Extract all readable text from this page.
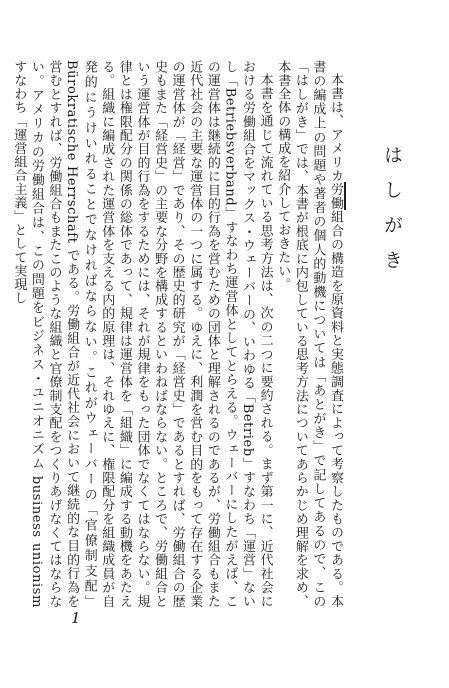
はしがき

本書は、アメリカ労働組合の構造を原資料と実態調査によって考察したものである。本書の編成上の問題や著者の個人的動機については「あとがき」で記してあるので、この「はしがき」では、本書が根底に内包している思考方法についてあらかじめ理解を求め、本書全体の構成を紹介しておきたい。

本書を通じて流れている思考方法は、次の二つに要約される。まず第一に、近代社会における労働組合をマックス・ウェーバーの、いわゆる「Betrieb」すなわち「運営」ないし「Betriebsverband」すなわち運営体としてとらえる。ウェーバーにしたがえば、この運営体は継続的に目的行為を営むための団体と理解されるのであるが、労働組合もまた近代社会の主要な運営体の一つに属する。ゆえに、利潤を営む目的をもって存在する企業の運営体が「経営」であり、その歴史的研究が「経営史」であるとすれば、労働組合の歴史もまた「経営史」の主要な分野を構成するといわねばならない。ところで、労働組合という運営体が目的行為をするためには、それが規律をもった団体でなくてはならない。規律とは権限配分の関係の総体であって、規律は運営体を「組織」に編成する動機をあたえる。組織に編成された運営体を支える内的原理は、それゆえに、権限配分を組織成員が自発的にうけいれることでなければならない。これがウェーバーの「官僚制支配」Bürokratische Herrschaft である。労働組合が近代社会において継続的な目的行為を営むとすれば、労働組合もまたこのような組織と官僚制支配をつくりあげなくてはならない。アメリカの労働組合は、この問題をビジネス・ユニオニズム business unionism すなわち「運営組合主義」として実現し

1
